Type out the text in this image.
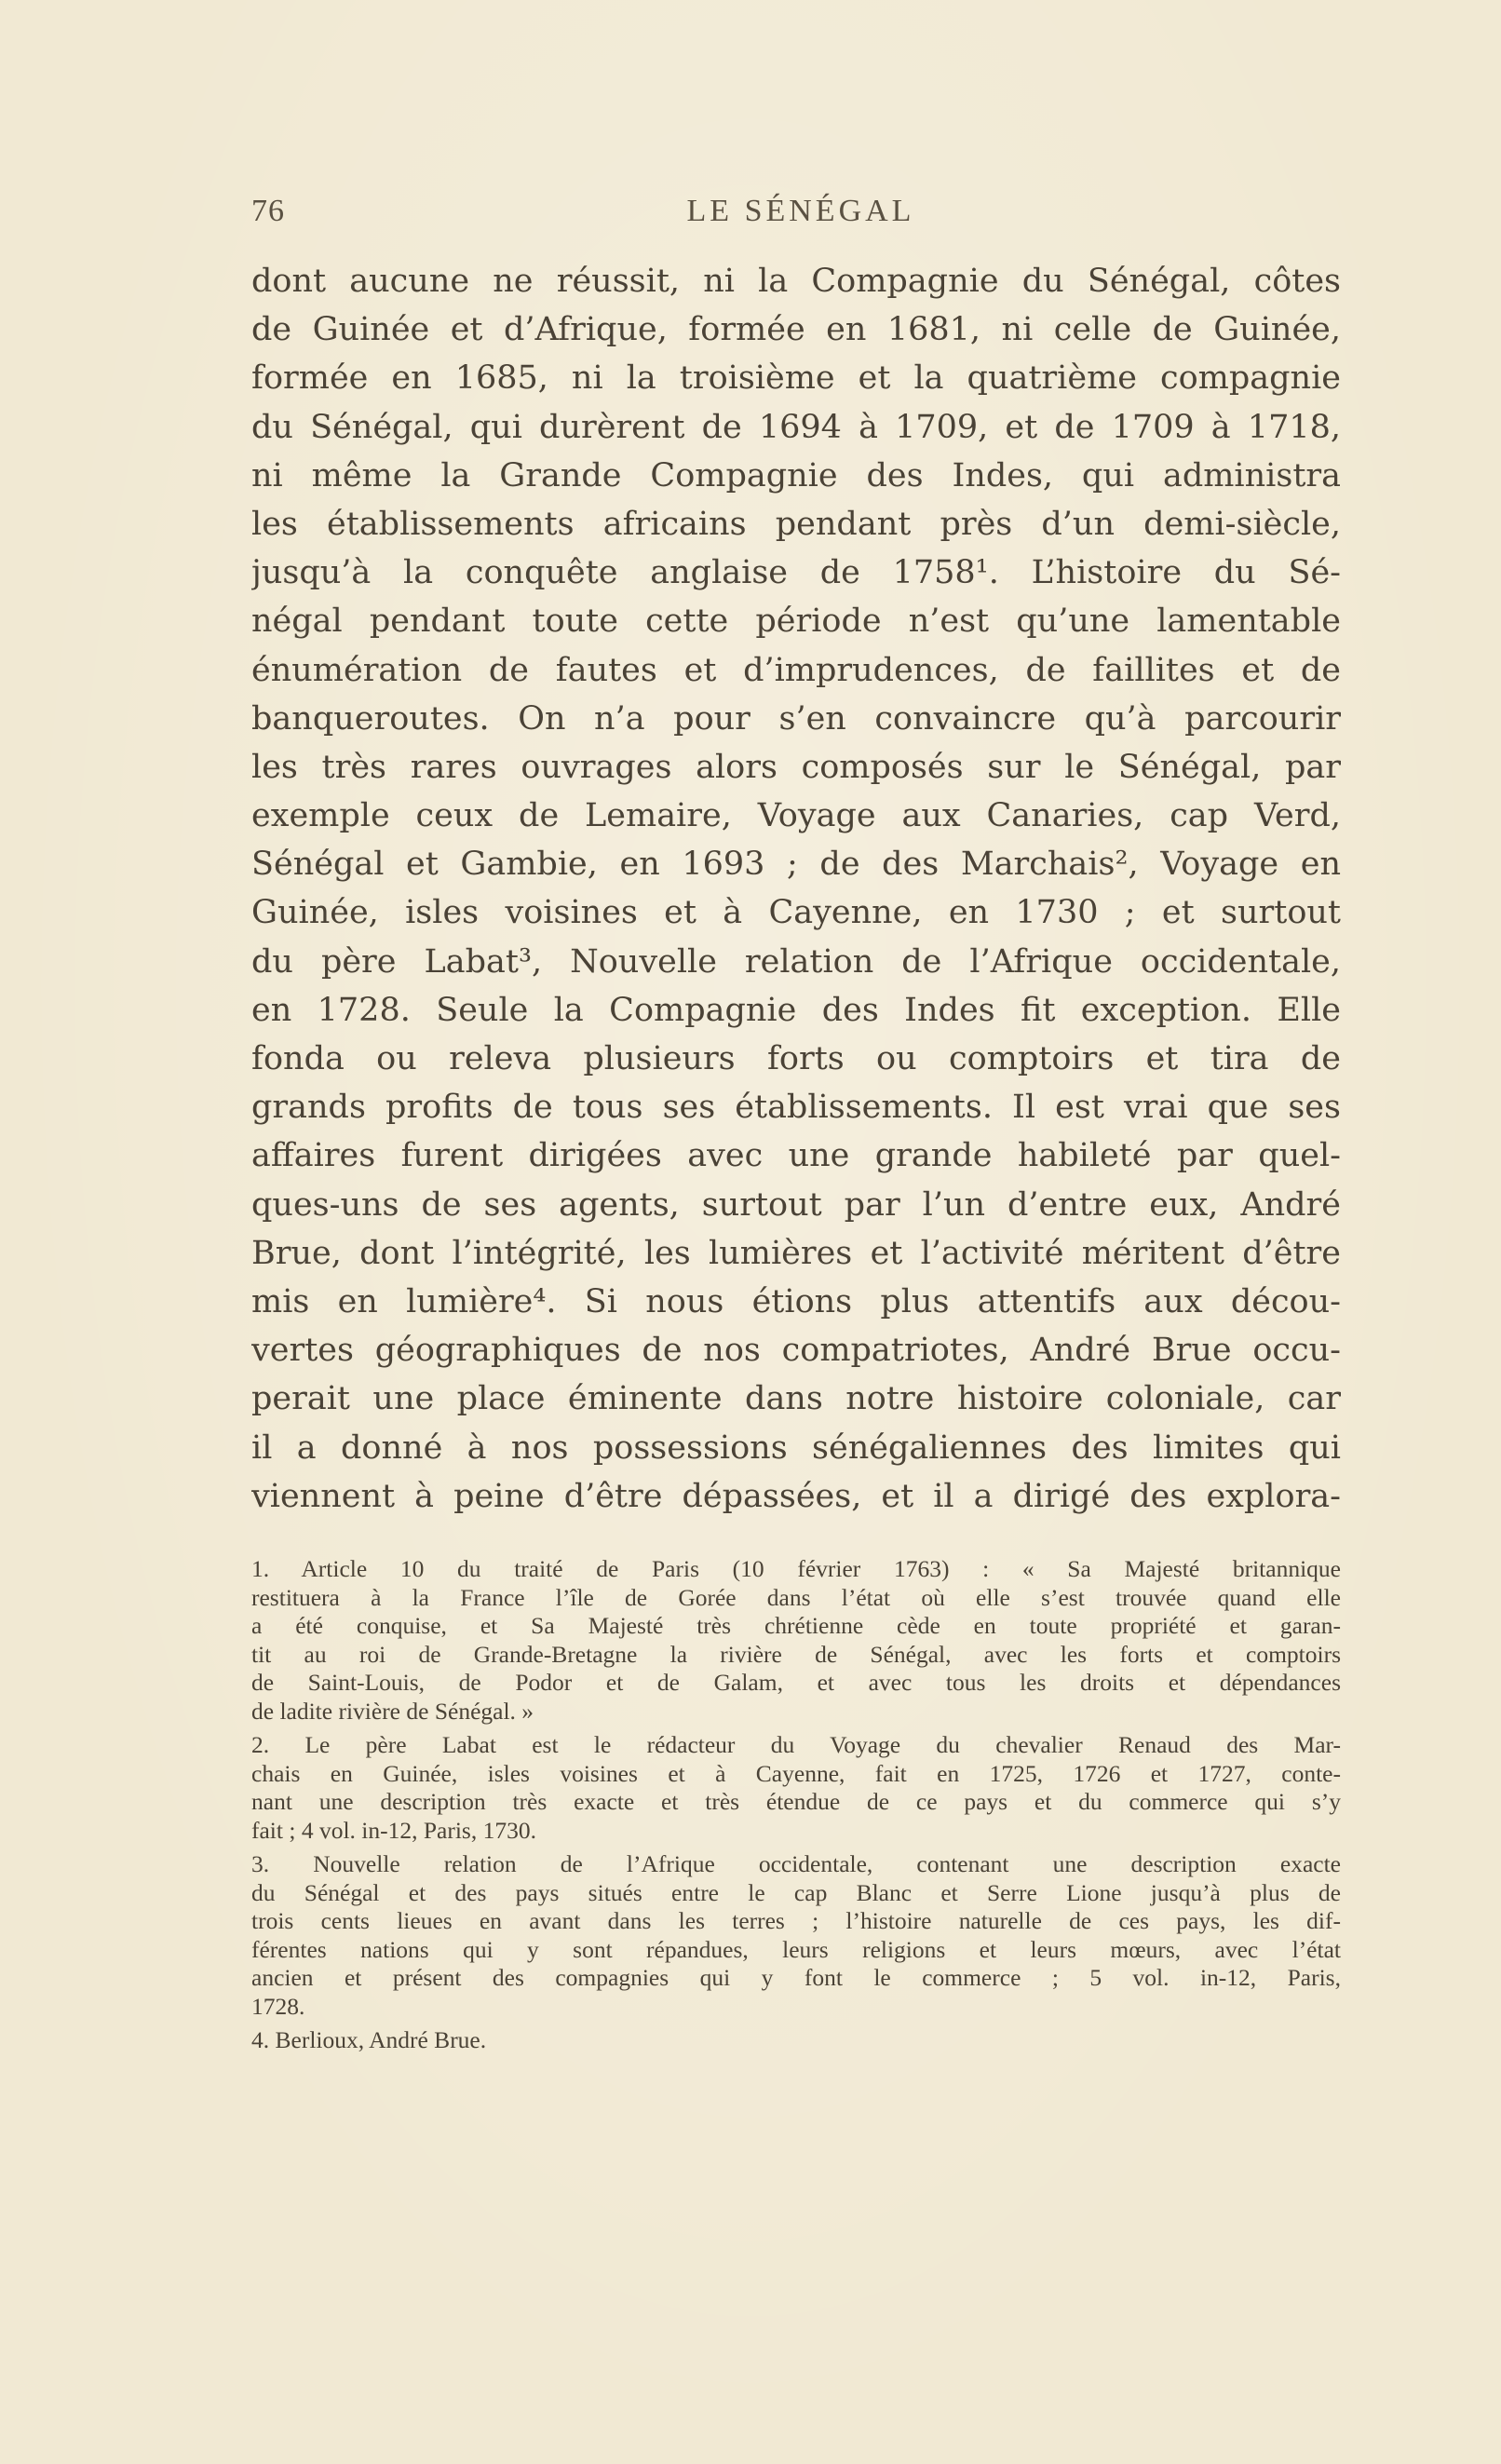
76	LE SÉNÉGAL
dont aucune ne réussit, ni la Compagnie du Sénégal, côtes
de Guinée et d’Afrique, formée en 1681, ni celle de Guinée,
formée en 1685, ni la troisième et la quatrième compagnie
du Sénégal, qui durèrent de 1694 à 1709, et de 1709 à 1718,
ni même la Grande Compagnie des Indes, qui administra
les établissements africains pendant près d’un demi-siècle,
jusqu’à la conquête anglaise de 1758¹. L’histoire du Sé-
négal pendant toute cette période n’est qu’une lamentable
énumération de fautes et d’imprudences, de faillites et de
banqueroutes. On n’a pour s’en convaincre qu’à parcourir
les très rares ouvrages alors composés sur le Sénégal, par
exemple ceux de Lemaire, Voyage aux Canaries, cap Verd,
Sénégal et Gambie, en 1693 ; de des Marchais², Voyage en
Guinée, isles voisines et à Cayenne, en 1730 ; et surtout
du père Labat³, Nouvelle relation de l’Afrique occidentale,
en 1728. Seule la Compagnie des Indes fit exception. Elle
fonda ou releva plusieurs forts ou comptoirs et tira de
grands profits de tous ses établissements. Il est vrai que ses
affaires furent dirigées avec une grande habileté par quel-
ques-uns de ses agents, surtout par l’un d’entre eux, André
Brue, dont l’intégrité, les lumières et l’activité méritent d’être
mis en lumière⁴. Si nous étions plus attentifs aux décou-
vertes géographiques de nos compatriotes, André Brue occu-
perait une place éminente dans notre histoire coloniale, car
il a donné à nos possessions sénégaliennes des limites qui
viennent à peine d’être dépassées, et il a dirigé des explora-
1. Article 10 du traité de Paris (10 février 1763) : « Sa Majesté britannique
restituera à la France l’île de Gorée dans l’état où elle s’est trouvée quand elle
a été conquise, et Sa Majesté très chrétienne cède en toute propriété et garan-
tit au roi de Grande-Bretagne la rivière de Sénégal, avec les forts et comptoirs
de Saint-Louis, de Podor et de Galam, et avec tous les droits et dépendances
de ladite rivière de Sénégal. »
2. Le père Labat est le rédacteur du Voyage du chevalier Renaud des Mar-
chais en Guinée, isles voisines et à Cayenne, fait en 1725, 1726 et 1727, conte-
nant une description très exacte et très étendue de ce pays et du commerce qui s’y
fait ; 4 vol. in-12, Paris, 1730.
3. Nouvelle relation de l’Afrique occidentale, contenant une description exacte
du Sénégal et des pays situés entre le cap Blanc et Serre Lione jusqu’à plus de
trois cents lieues en avant dans les terres ; l’histoire naturelle de ces pays, les dif-
férentes nations qui y sont répandues, leurs religions et leurs mœurs, avec l’état
ancien et présent des compagnies qui y font le commerce ; 5 vol. in-12, Paris,
1728.
4. Berlioux, André Brue.
